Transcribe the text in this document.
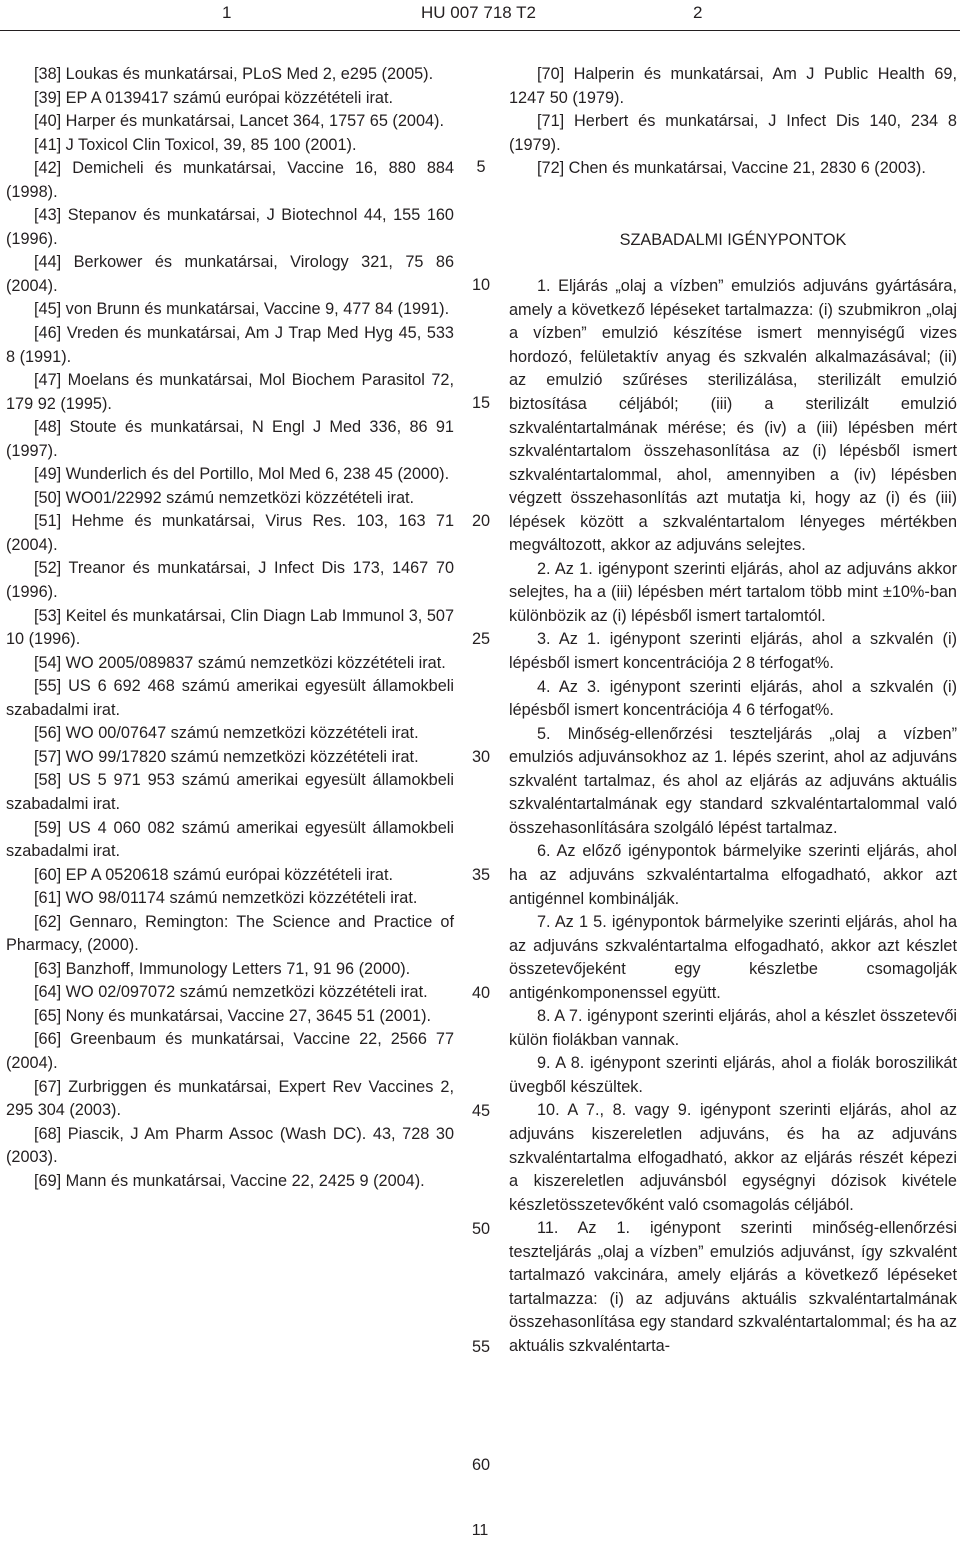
1	HU 007 718 T2	2

[38] Loukas és munkatársai, PLoS Med 2, e295 (2005).

[39] EP A 0139417 számú európai közzétételi irat.

[40] Harper és munkatársai, Lancet 364, 1757 65 (2004).

[41] J Toxicol Clin Toxicol, 39, 85 100 (2001).

[42] Demicheli és munkatársai, Vaccine 16, 880 884 (1998).

[43] Stepanov és munkatársai, J Biotechnol 44, 155 160 (1996).

[44] Berkower és munkatársai, Virology 321, 75 86 (2004).

[45] von Brunn és munkatársai, Vaccine 9, 477 84 (1991).

[46] Vreden és munkatársai, Am J Trap Med Hyg 45, 533 8 (1991).

[47] Moelans és munkatársai, Mol Biochem Parasitol 72, 179 92 (1995).

[48] Stoute és munkatársai, N Engl J Med 336, 86 91 (1997).

[49] Wunderlich és del Portillo, Mol Med 6, 238 45 (2000).

[50] WO01/22992 számú nemzetközi közzétételi irat.

[51] Hehme és munkatársai, Virus Res. 103, 163 71 (2004).

[52] Treanor és munkatársai, J Infect Dis 173, 1467 70 (1996).

[53] Keitel és munkatársai, Clin Diagn Lab Immunol 3, 507 10 (1996).

[54] WO 2005/089837 számú nemzetközi közzétételi irat.

[55] US 6 692 468 számú amerikai egyesült államokbeli szabadalmi irat.

[56] WO 00/07647 számú nemzetközi közzétételi irat.

[57] WO 99/17820 számú nemzetközi közzétételi irat.

[58] US 5 971 953 számú amerikai egyesült államokbeli szabadalmi irat.

[59] US 4 060 082 számú amerikai egyesült államokbeli szabadalmi irat.

[60] EP A 0520618 számú európai közzétételi irat.

[61] WO 98/01174 számú nemzetközi közzétételi irat.

[62] Gennaro, Remington: The Science and Practice of Pharmacy, (2000).

[63] Banzhoff, Immunology Letters 71, 91 96 (2000).

[64] WO 02/097072 számú nemzetközi közzétételi irat.

[65] Nony és munkatársai, Vaccine 27, 3645 51 (2001).

[66] Greenbaum és munkatársai, Vaccine 22, 2566 77 (2004).

[67] Zurbriggen és munkatársai, Expert Rev Vaccines 2, 295 304 (2003).

[68] Piascik, J Am Pharm Assoc (Wash DC). 43, 728 30 (2003).

[69] Mann és munkatársai, Vaccine 22, 2425 9 (2004).

5
10
15
20
25
30
35
40
45
50
55
60

[70] Halperin és munkatársai, Am J Public Health 69, 1247 50 (1979).

[71] Herbert és munkatársai, J Infect Dis 140, 234 8 (1979).

[72] Chen és munkatársai, Vaccine 21, 2830 6 (2003).

SZABADALMI IGÉNYPONTOK

1. Eljárás „olaj a vízben” emulziós adjuváns gyártására, amely a következő lépéseket tartalmazza: (i) szubmikron „olaj a vízben” emulzió készítése ismert mennyiségű vizes hordozó, felületaktív anyag és szkvalén alkalmazásával; (ii) az emulzió szűréses sterilizálása, sterilizált emulzió biztosítása céljából; (iii) a sterilizált emulzió szkvaléntartalmának mérése; és (iv) a (iii) lépésben mért szkvaléntartalom összehasonlítása az (i) lépésből ismert szkvaléntartalommal, ahol, amennyiben a (iv) lépésben végzett összehasonlítás azt mutatja ki, hogy az (i) és (iii) lépések között a szkvaléntartalom lényeges mértékben megváltozott, akkor az adjuváns selejtes.

2. Az 1. igénypont szerinti eljárás, ahol az adjuváns akkor selejtes, ha a (iii) lépésben mért tartalom több mint ±10%-ban különbözik az (i) lépésből ismert tartalomtól.

3. Az 1. igénypont szerinti eljárás, ahol a szkvalén (i) lépésből ismert koncentrációja 2 8 térfogat%.

4. Az 3. igénypont szerinti eljárás, ahol a szkvalén (i) lépésből ismert koncentrációja 4 6 térfogat%.

5. Minőség-ellenőrzési teszteljárás „olaj a vízben” emulziós adjuvánsokhoz az 1. lépés szerint, ahol az adjuváns szkvalént tartalmaz, és ahol az eljárás az adjuváns aktuális szkvaléntartalmának egy standard szkvaléntartalommal való összehasonlítására szolgáló lépést tartalmaz.

6. Az előző igénypontok bármelyike szerinti eljárás, ahol ha az adjuváns szkvaléntartalma elfogadható, akkor azt antigénnel kombinálják.

7. Az 1 5. igénypontok bármelyike szerinti eljárás, ahol ha az adjuváns szkvaléntartalma elfogadható, akkor azt készlet összetevőjeként egy készletbe csomagolják antigénkomponenssel együtt.

8. A 7. igénypont szerinti eljárás, ahol a készlet összetevői külön fiolákban vannak.

9. A 8. igénypont szerinti eljárás, ahol a fiolák boroszilikát üvegből készültek.

10. A 7., 8. vagy 9. igénypont szerinti eljárás, ahol az adjuváns kiszereletlen adjuváns, és ha az adjuváns szkvaléntartalma elfogadható, akkor az eljárás részét képezi a kiszereletlen adjuvánsból egységnyi dózisok kivétele készletösszetevőként való csomagolás céljából.

11. Az 1. igénypont szerinti minőség-ellenőrzési teszteljárás „olaj a vízben” emulziós adjuvánst, így szkvalént tartalmazó vakcinára, amely eljárás a következő lépéseket tartalmazza: (i) az adjuváns aktuális szkvaléntartalmának összehasonlítása egy standard szkvaléntartalommal; és ha az aktuális szkvaléntarta-

11
